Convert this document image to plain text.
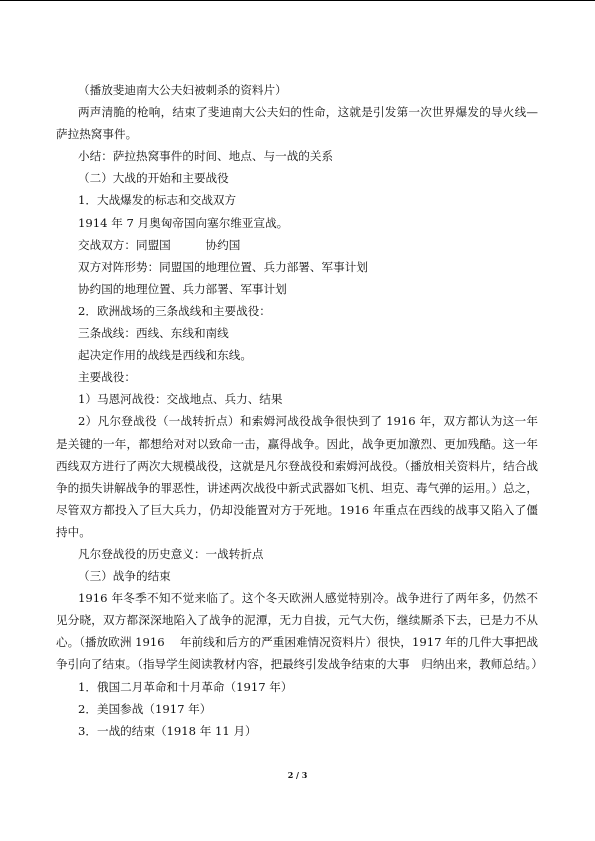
（播放斐迪南大公夫妇被刺杀的资料片）

两声清脆的枪响，结束了斐迪南大公夫妇的性命，这就是引发第一次世界爆发的导火线—萨拉热窝事件。

小结：萨拉热窝事件的时间、地点、与一战的关系

（二）大战的开始和主要战役

1．大战爆发的标志和交战双方

1914 年 7 月奥匈帝国向塞尔维亚宣战。

交战双方：同盟国　　　协约国

双方对阵形势：同盟国的地理位置、兵力部署、军事计划

协约国的地理位置、兵力部署、军事计划

2．欧洲战场的三条战线和主要战役：

三条战线：西线、东线和南线

起决定作用的战线是西线和东线。

主要战役：

1）马恩河战役：交战地点、兵力、结果

2）凡尔登战役（一战转折点）和索姆河战役战争很快到了 1916 年，双方都认为这一年是关键的一年，都想给对对以致命一击，赢得战争。因此，战争更加激烈、更加残酷。这一年西线双方进行了两次大规模战役，这就是凡尔登战役和索姆河战役。（播放相关资料片，结合战争的损失讲解战争的罪恶性，讲述两次战役中新式武器如飞机、坦克、毒气弹的运用。）总之，尽管双方都投入了巨大兵力，仍却没能置对方于死地。1916 年重点在西线的战事又陷入了僵持中。

凡尔登战役的历史意义：一战转折点

（三）战争的结束

1916 年冬季不知不觉来临了。这个冬天欧洲人感觉特别冷。战争进行了两年多，仍然不见分晓，双方都深深地陷入了战争的泥潭，无力自拔，元气大伤，继续厮杀下去，已是力不从心。（播放欧洲 1916　 年前线和后方的严重困难情况资料片）很快，1917 年的几件大事把战争引向了结束。（指导学生阅读教材内容，把最终引发战争结束的大事　归纳出来，教师总结。）

1．俄国二月革命和十月革命（1917 年）

2．美国参战（1917 年）

3．一战的结束（1918 年 11 月）

2 / 3
